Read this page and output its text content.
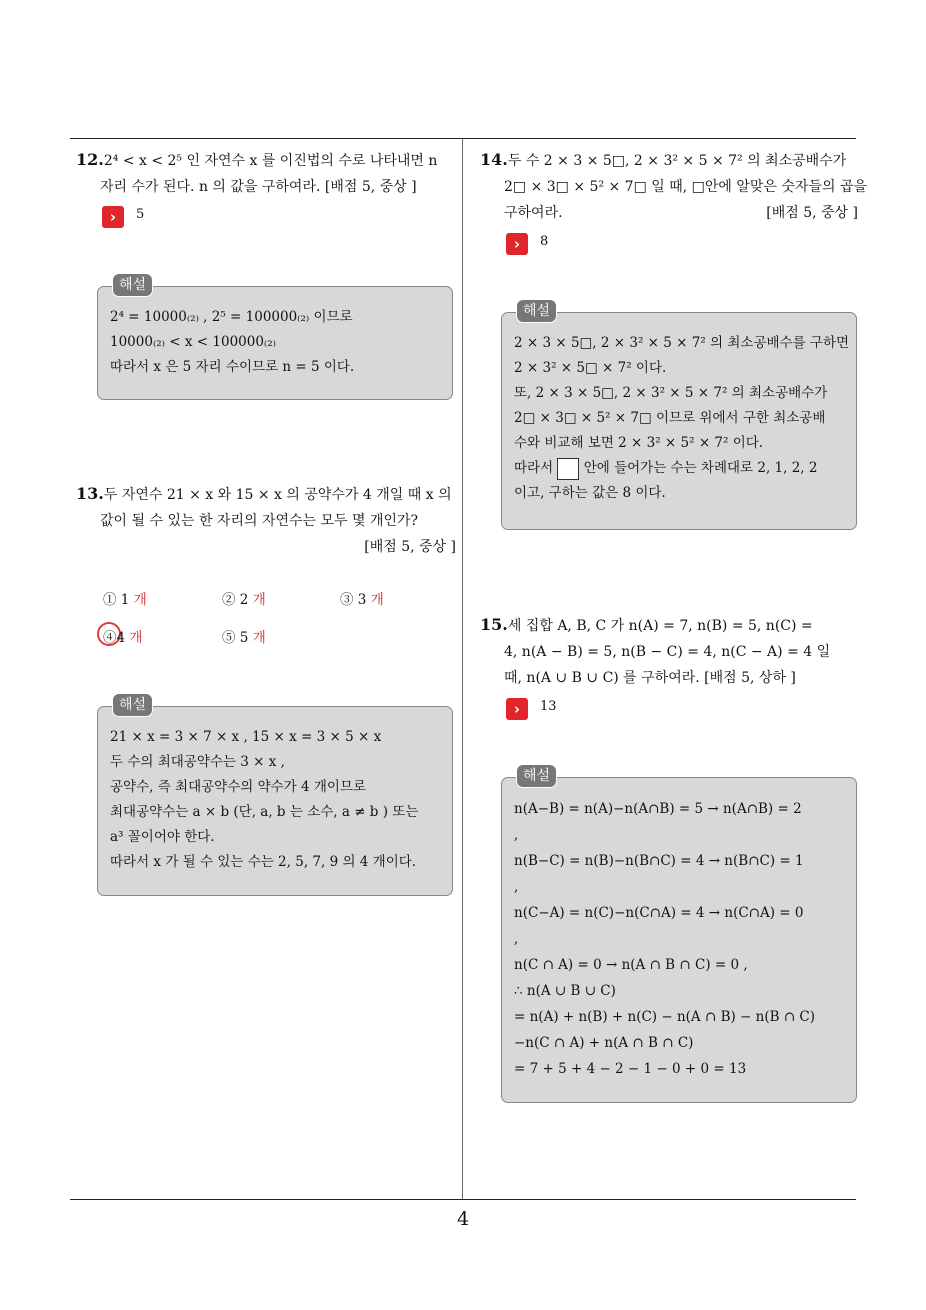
12.2⁴ < x < 2⁵ 인 자연수 x 를 이진법의 수로 나타내면 n
자리 수가 된다. n 의 값을 구하여라. [배점 5, 중상 ]
›	5
해설
2⁴ = 10000₍₂₎ , 2⁵ = 100000₍₂₎ 이므로
10000₍₂₎ < x < 100000₍₂₎
따라서 x 은 5 자리 수이므로 n = 5 이다.
13.두 자연수 21 × x 와 15 × x 의 공약수가 4 개일 때 x 의
값이 될 수 있는 한 자리의 자연수는 모두 몇 개인가?
[배점 5, 중상 ]
① 1 개	② 2 개	③ 3 개
④4 개	⑤ 5 개
해설
21 × x = 3 × 7 × x , 15 × x = 3 × 5 × x
두 수의 최대공약수는 3 × x ,
공약수, 즉 최대공약수의 약수가 4 개이므로
최대공약수는 a × b (단, a, b 는 소수, a ≠ b ) 또는
a³ 꼴이어야 한다.
따라서 x 가 될 수 있는 수는 2, 5, 7, 9 의 4 개이다.
14.두 수 2 × 3 × 5□, 2 × 3² × 5 × 7² 의 최소공배수가
2□ × 3□ × 5² × 7□ 일 때, □안에 알맞은 숫자들의 곱을
구하여라.	[배점 5, 중상 ]
›	8
해설
2 × 3 × 5□, 2 × 3² × 5 × 7² 의 최소공배수를 구하면
2 × 3² × 5□ × 7² 이다.
또, 2 × 3 × 5□, 2 × 3² × 5 × 7² 의 최소공배수가
2□ × 3□ × 5² × 7□ 이므로 위에서 구한 최소공배
수와 비교해 보면 2 × 3² × 5² × 7² 이다.
따라서 안에 들어가는 수는 차례대로 2, 1, 2, 2
이고, 구하는 값은 8 이다.
15.세 집합 A, B, C 가 n(A) = 7, n(B) = 5, n(C) =
4, n(A − B) = 5, n(B − C) = 4, n(C − A) = 4 일
때, n(A ∪ B ∪ C) 를 구하여라. [배점 5, 상하 ]
›	13
해설
n(A−B) = n(A)−n(A∩B) = 5 → n(A∩B) = 2
,
n(B−C) = n(B)−n(B∩C) = 4 → n(B∩C) = 1
,
n(C−A) = n(C)−n(C∩A) = 4 → n(C∩A) = 0
,
n(C ∩ A) = 0 → n(A ∩ B ∩ C) = 0 ,
∴ n(A ∪ B ∪ C)
= n(A) + n(B) + n(C) − n(A ∩ B) − n(B ∩ C)
−n(C ∩ A) + n(A ∩ B ∩ C)
= 7 + 5 + 4 − 2 − 1 − 0 + 0 = 13
4
